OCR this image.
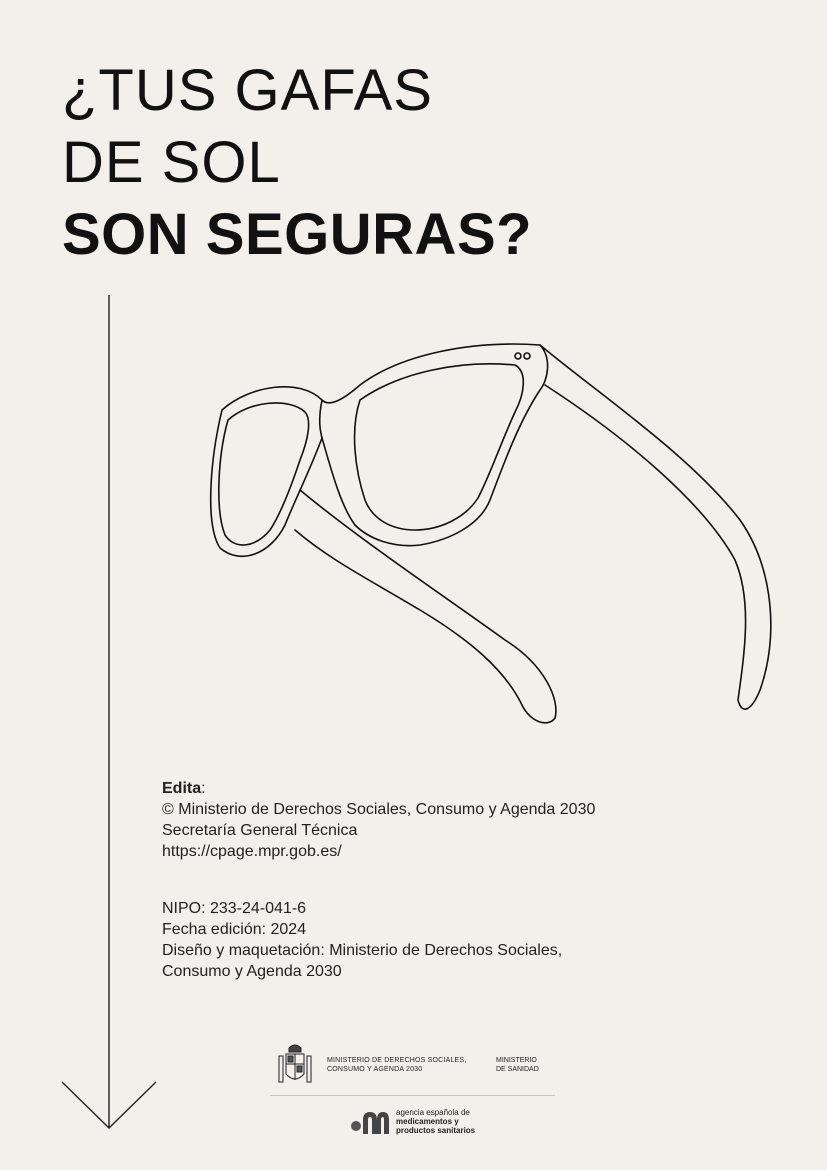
¿TUS GAFAS
DE SOL
SON SEGURAS?

Edita:

© Ministerio de Derechos Sociales, Consumo y Agenda 2030

Secretaría General Técnica

https://cpage.mpr.gob.es/

NIPO: 233-24-041-6

Fecha edición: 2024

Diseño y maquetación: Ministerio de Derechos Sociales,

Consumo y Agenda 2030

MINISTERIO DE DERECHOS SOCIALES,
CONSUMO Y AGENDA 2030
MINISTERIO
DE SANIDAD
agencia española de
medicamentos y
productos sanitarios
